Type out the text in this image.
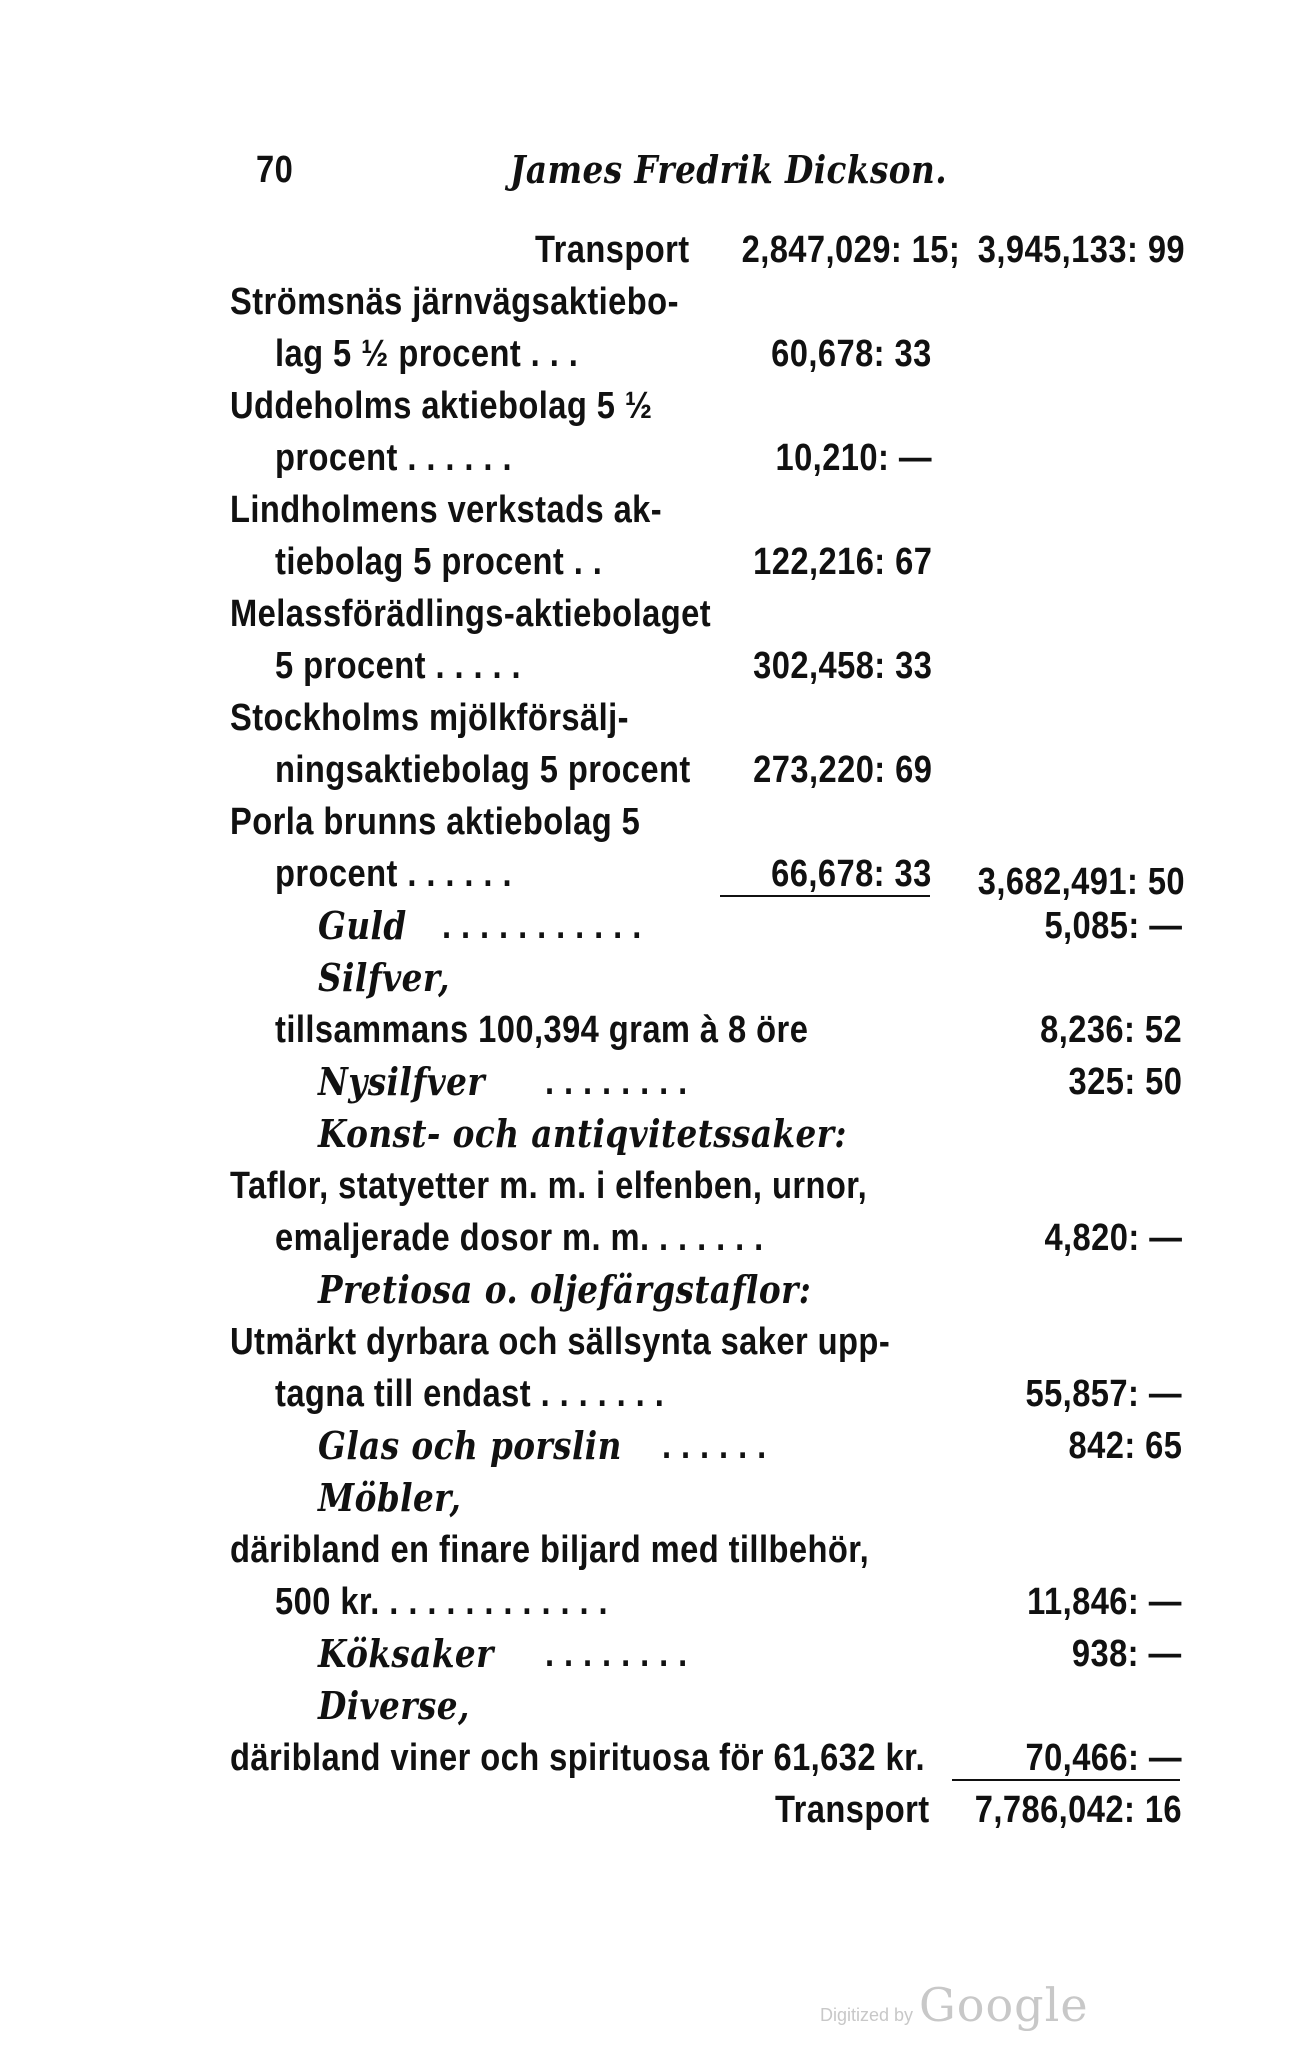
70	James Fredrik Dickson.
Transport 2,847,029: 15; 3,945,133: 99
Strömsnäs järnvägsaktiebo-
lag 5 ½ procent . . .	60,678: 33
Uddeholms aktiebolag 5 ½
procent . . . . . .	10,210: —
Lindholmens verkstads ak-
tiebolag 5 procent . .	122,216: 67
Melassförädlings-aktiebolaget
5 procent . . . . .	302,458: 33
Stockholms mjölkförsälj-
ningsaktiebolag 5 procent 273,220: 69
Porla brunns aktiebolag 5
procent . . . . . .	66,678: 33 3,682,491: 50
Guld . . . . . . . . . . .	5,085: —
Silfver,
tillsammans 100,394 gram à 8 öre	8,236: 52
Nysilfver . . . . . . . .	325: 50
Konst- och antiqvitetssaker:
Taflor, statyetter m. m. i elfenben, urnor,
emaljerade dosor m. m. . . . . . .	4,820: —
Pretiosa o. oljefärgstaflor:
Utmärkt dyrbara och sällsynta saker upp-
tagna till endast . . . . . . .	55,857: —
Glas och porslin . . . . . .	842: 65
Möbler,
däribland en finare biljard med tillbehör,
500 kr. . . . . . . . . . . . .	11,846: —
Köksaker . . . . . . . .	938: —
Diverse,
däribland viner och spirituosa för 61,632 kr.	70,466: —
Transport 7,786,042: 16
Digitized by Google
